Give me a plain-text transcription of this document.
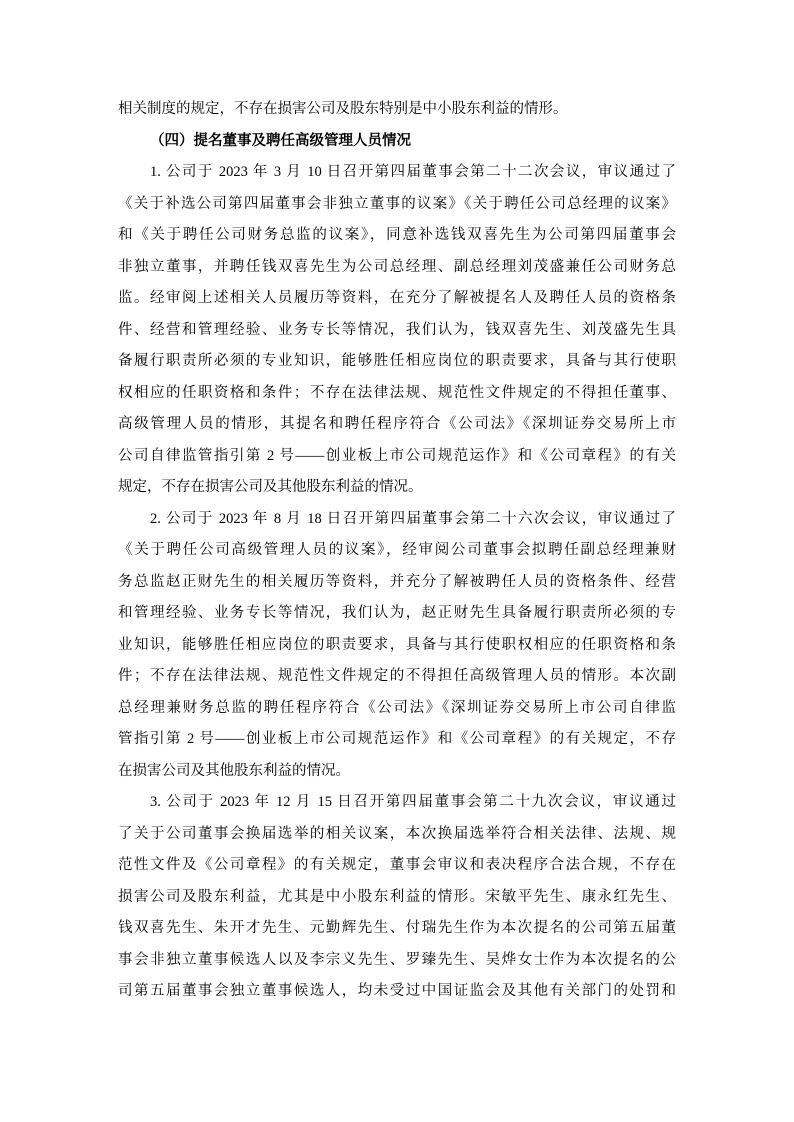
相关制度的规定，不存在损害公司及股东特别是中小股东利益的情形。
（四）提名董事及聘任高级管理人员情况
1. 公司于 2023 年 3 月 10 日召开第四届董事会第二十二次会议，审议通过了
《关于补选公司第四届董事会非独立董事的议案》《关于聘任公司总经理的议案》
和《关于聘任公司财务总监的议案》，同意补选钱双喜先生为公司第四届董事会
非独立董事，并聘任钱双喜先生为公司总经理、副总经理刘茂盛兼任公司财务总
监。经审阅上述相关人员履历等资料，在充分了解被提名人及聘任人员的资格条
件、经营和管理经验、业务专长等情况，我们认为，钱双喜先生、刘茂盛先生具
备履行职责所必须的专业知识，能够胜任相应岗位的职责要求，具备与其行使职
权相应的任职资格和条件；不存在法律法规、规范性文件规定的不得担任董事、
高级管理人员的情形，其提名和聘任程序符合《公司法》《深圳证券交易所上市
公司自律监管指引第 2 号——创业板上市公司规范运作》和《公司章程》的有关
规定，不存在损害公司及其他股东利益的情况。
2. 公司于 2023 年 8 月 18 日召开第四届董事会第二十六次会议，审议通过了
《关于聘任公司高级管理人员的议案》，经审阅公司董事会拟聘任副总经理兼财
务总监赵正财先生的相关履历等资料，并充分了解被聘任人员的资格条件、经营
和管理经验、业务专长等情况，我们认为，赵正财先生具备履行职责所必须的专
业知识，能够胜任相应岗位的职责要求，具备与其行使职权相应的任职资格和条
件；不存在法律法规、规范性文件规定的不得担任高级管理人员的情形。本次副
总经理兼财务总监的聘任程序符合《公司法》《深圳证券交易所上市公司自律监
管指引第 2 号——创业板上市公司规范运作》和《公司章程》的有关规定，不存
在损害公司及其他股东利益的情况。
3. 公司于 2023 年 12 月 15 日召开第四届董事会第二十九次会议，审议通过
了关于公司董事会换届选举的相关议案，本次换届选举符合相关法律、法规、规
范性文件及《公司章程》的有关规定，董事会审议和表决程序合法合规，不存在
损害公司及股东利益，尤其是中小股东利益的情形。宋敏平先生、康永红先生、
钱双喜先生、朱开才先生、元勤辉先生、付瑞先生作为本次提名的公司第五届董
事会非独立董事候选人以及李宗义先生、罗臻先生、吴烨女士作为本次提名的公
司第五届董事会独立董事候选人，均未受过中国证监会及其他有关部门的处罚和
